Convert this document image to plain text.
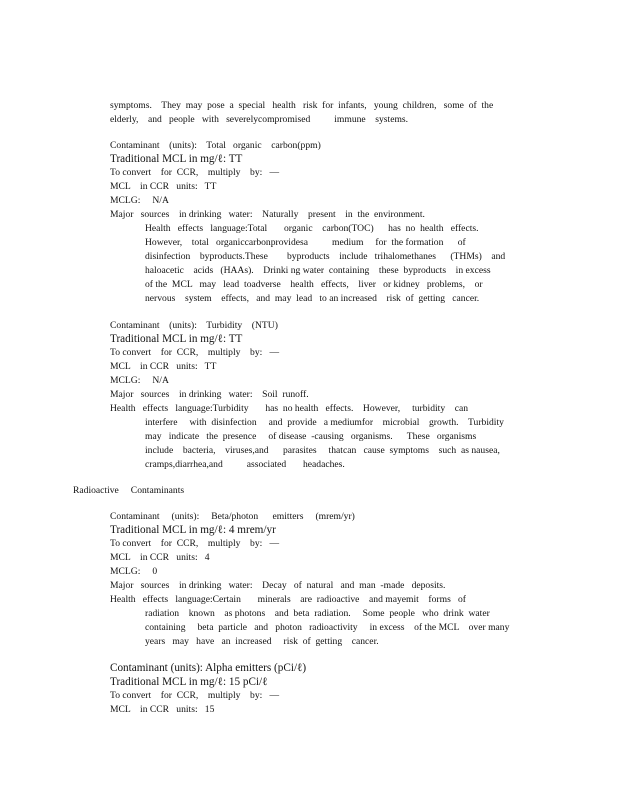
symptoms.    They  may  pose  a  special   health   risk  for  infants,   young  children,   some  of  the
elderly,    and   people   with   severelycompromised          immune    systems.
Contaminant    (units):    Total   organic    carbon(ppm)
Traditional MCL in mg/ℓ: TT
To convert    for  CCR,    multiply    by:   —
MCL    in CCR   units:   TT
MCLG:     N/A
Major   sources    in drinking   water:    Naturally    present    in  the  environment.
Health   effects   language:Total       organic    carbon(TOC)      has  no  health   effects.
However,    total   organiccarbonprovidesa          medium     for  the formation      of
disinfection    byproducts.These        byproducts    include   trihalomethanes      (THMs)    and
haloacetic    acids   (HAAs).    Drinki ng water  containing    these  byproducts    in excess
of the  MCL   may   lead  toadverse    health   effects,    liver   or kidney   problems,    or
nervous    system    effects,   and  may  lead   to an increased    risk  of  getting   cancer.
Contaminant    (units):    Turbidity    (NTU)
Traditional MCL in mg/ℓ: TT
To convert    for  CCR,    multiply    by:   —
MCL    in CCR   units:   TT
MCLG:     N/A
Major   sources    in drinking   water:    Soil  runoff.
Health   effects   language:Turbidity       has  no health   effects.    However,     turbidity    can
interfere     with  disinfection     and  provide   a mediumfor    microbial    growth.    Turbidity
may   indicate   the  presence     of disease  -causing   organisms.      These   organisms
include    bacteria,    viruses,and      parasites     thatcan   cause  symptoms    such  as nausea,
cramps,diarrhea,and          associated       headaches.
Radioactive     Contaminants
Contaminant     (units):     Beta/photon      emitters     (mrem/yr)
Traditional MCL in mg/ℓ: 4 mrem/yr
To convert    for  CCR,    multiply    by:   —
MCL    in CCR   units:   4
MCLG:     0
Major   sources    in drinking   water:    Decay   of  natural   and  man  -made   deposits.
Health   effects   language:Certain       minerals    are  radioactive    and mayemit    forms   of
radiation    known    as photons    and  beta  radiation.     Some  people   who  drink  water
containing     beta  particle   and   photon   radioactivity     in excess    of the MCL    over many
years   may   have   an  increased     risk  of  getting    cancer.
Contaminant (units): Alpha emitters (pCi/ℓ)
Traditional MCL in mg/ℓ: 15 pCi/ℓ
To convert    for  CCR,    multiply    by:   —
MCL    in CCR   units:   15
